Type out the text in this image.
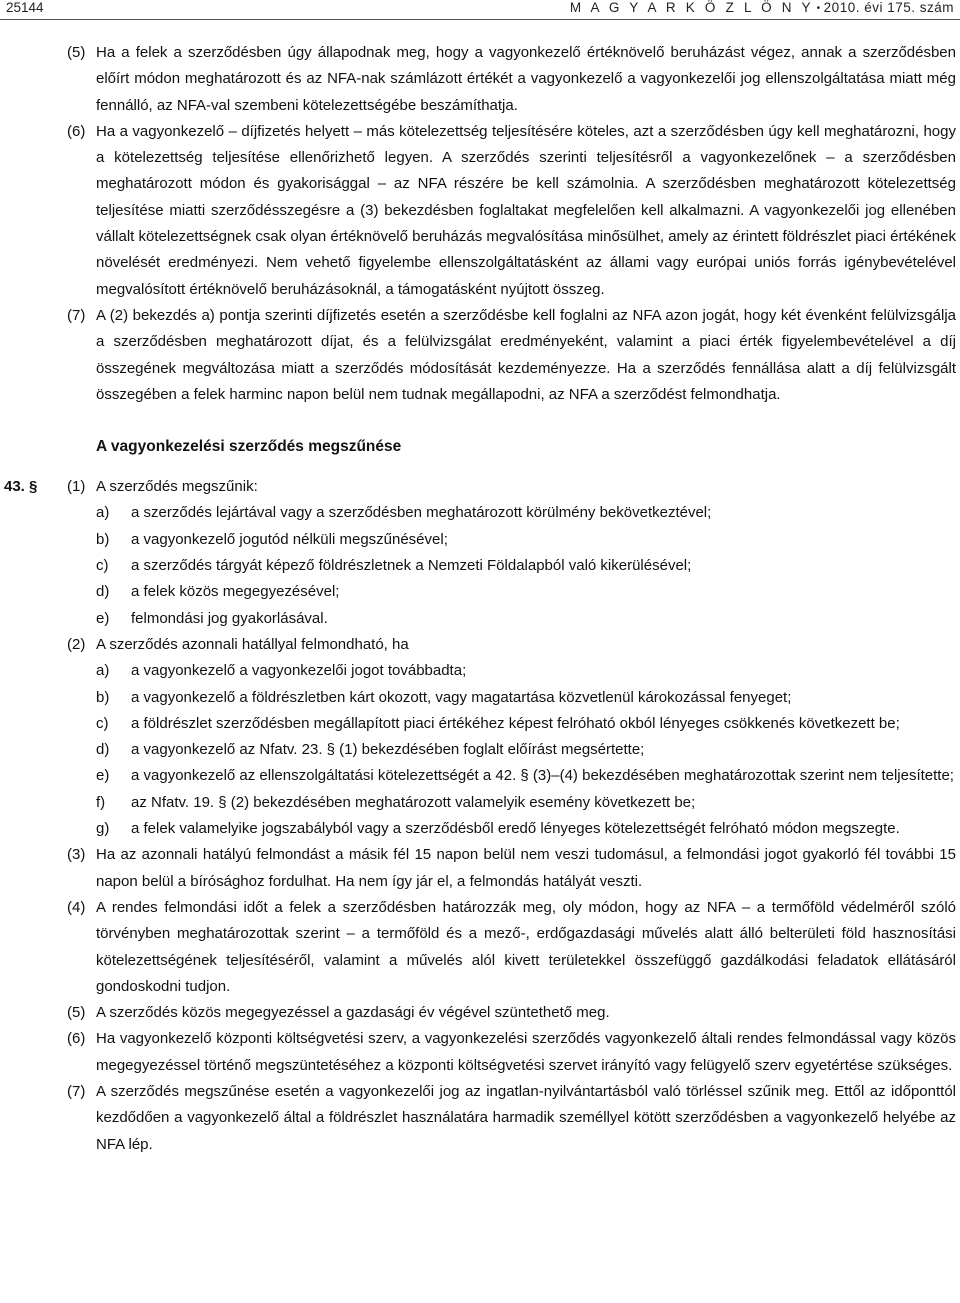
25144	M A G Y A R K Ö Z L Ö N Y • 2010. évi 175. szám
(5) Ha a felek a szerződésben úgy állapodnak meg, hogy a vagyonkezelő értéknövelő beruházást végez, annak a szerződésben előírt módon meghatározott és az NFA-nak számlázott értékét a vagyonkezelő a vagyonkezelői jog ellenszolgáltatása miatt még fennálló, az NFA-val szembeni kötelezettségébe beszámíthatja.
(6) Ha a vagyonkezelő – díjfizetés helyett – más kötelezettség teljesítésére köteles, azt a szerződésben úgy kell meghatározni, hogy a kötelezettség teljesítése ellenőrizhető legyen. A szerződés szerinti teljesítésről a vagyonkezelőnek – a szerződésben meghatározott módon és gyakorisággal – az NFA részére be kell számolnia. A szerződésben meghatározott kötelezettség teljesítése miatti szerződésszegésre a (3) bekezdésben foglaltakat megfelelően kell alkalmazni. A vagyonkezelői jog ellenében vállalt kötelezettségnek csak olyan értéknövelő beruházás megvalósítása minősülhet, amely az érintett földrészlet piaci értékének növelését eredményezi. Nem vehető figyelembe ellenszolgáltatásként az állami vagy európai uniós forrás igénybevételével megvalósított értéknövelő beruházásoknál, a támogatásként nyújtott összeg.
(7) A (2) bekezdés a) pontja szerinti díjfizetés esetén a szerződésbe kell foglalni az NFA azon jogát, hogy két évenként felülvizsgálja a szerződésben meghatározott díjat, és a felülvizsgálat eredményeként, valamint a piaci érték figyelembevételével a díj összegének megváltozása miatt a szerződés módosítását kezdeményezze. Ha a szerződés fennállása alatt a díj felülvizsgált összegében a felek harminc napon belül nem tudnak megállapodni, az NFA a szerződést felmondhatja.
A vagyonkezelési szerződés megszűnése
43. § (1) A szerződés megszűnik:
a) a szerződés lejártával vagy a szerződésben meghatározott körülmény bekövetkeztével;
b) a vagyonkezelő jogutód nélküli megszűnésével;
c) a szerződés tárgyát képező földrészletnek a Nemzeti Földalapból való kikerülésével;
d) a felek közös megegyezésével;
e) felmondási jog gyakorlásával.
(2) A szerződés azonnali hatállyal felmondható, ha
a) a vagyonkezelő a vagyonkezelői jogot továbbadta;
b) a vagyonkezelő a földrészletben kárt okozott, vagy magatartása közvetlenül károkozással fenyeget;
c) a földrészlet szerződésben megállapított piaci értékéhez képest felróható okból lényeges csökkenés következett be;
d) a vagyonkezelő az Nfatv. 23. § (1) bekezdésében foglalt előírást megsértette;
e) a vagyonkezelő az ellenszolgáltatási kötelezettségét a 42. § (3)–(4) bekezdésében meghatározottak szerint nem teljesítette;
f) az Nfatv. 19. § (2) bekezdésében meghatározott valamelyik esemény következett be;
g) a felek valamelyike jogszabályból vagy a szerződésből eredő lényeges kötelezettségét felróható módon megszegte.
(3) Ha az azonnali hatályú felmondást a másik fél 15 napon belül nem veszi tudomásul, a felmondási jogot gyakorló fél további 15 napon belül a bírósághoz fordulhat. Ha nem így jár el, a felmondás hatályát veszti.
(4) A rendes felmondási időt a felek a szerződésben határozzák meg, oly módon, hogy az NFA – a termőföld védelméről szóló törvényben meghatározottak szerint – a termőföld és a mező-, erdőgazdasági művelés alatt álló belterületi föld hasznosítási kötelezettségének teljesítéséről, valamint a művelés alól kivett területekkel összefüggő gazdálkodási feladatok ellátásáról gondoskodni tudjon.
(5) A szerződés közös megegyezéssel a gazdasági év végével szüntethető meg.
(6) Ha vagyonkezelő központi költségvetési szerv, a vagyonkezelési szerződés vagyonkezelő általi rendes felmondással vagy közös megegyezéssel történő megszüntetéséhez a központi költségvetési szervet irányító vagy felügyelő szerv egyetértése szükséges.
(7) A szerződés megszűnése esetén a vagyonkezelői jog az ingatlan-nyilvántartásból való törléssel szűnik meg. Ettől az időponttól kezdődően a vagyonkezelő által a földrészlet használatára harmadik személlyel kötött szerződésben a vagyonkezelő helyébe az NFA lép.
